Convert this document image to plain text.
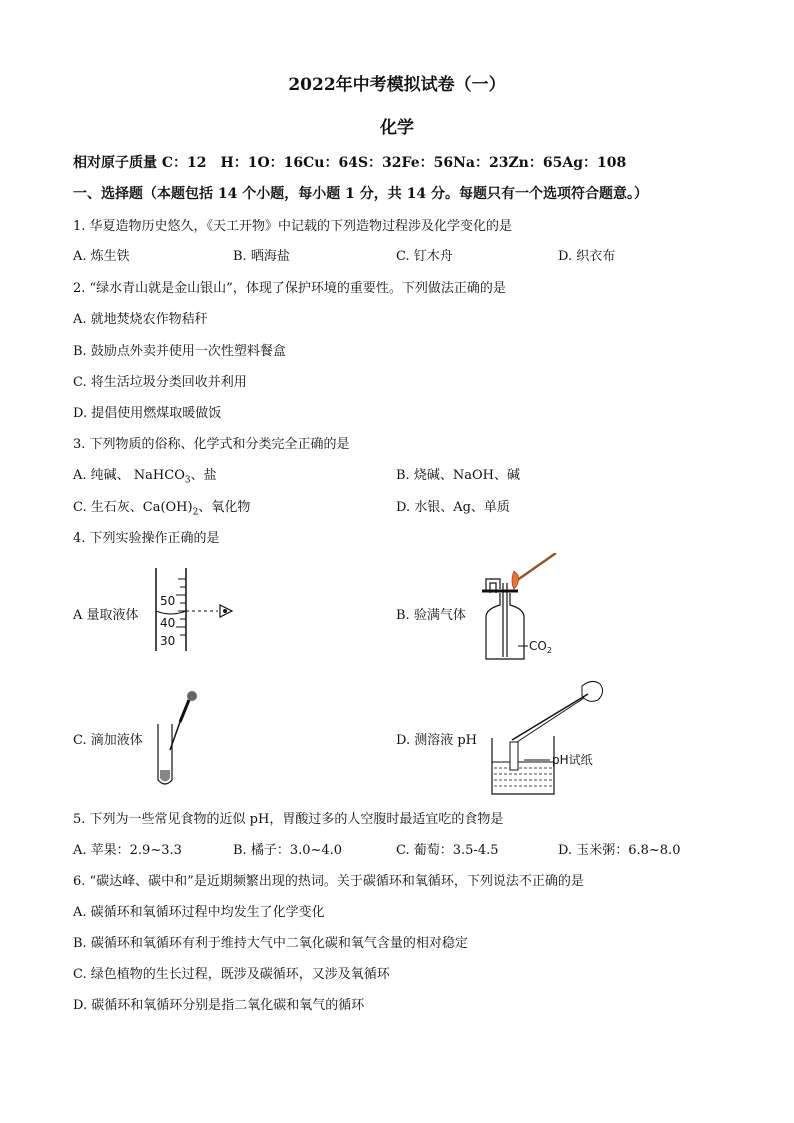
2022年中考模拟试卷（一）
化学
相对原子质量 C：12　H：1O：16Cu：64S：32Fe：56Na：23Zn：65Ag：108
一、选择题（本题包括 14 个小题，每小题 1 分，共 14 分。每题只有一个选项符合题意。）
1. 华夏造物历史悠久，《天工开物》中记载的下列造物过程涉及化学变化的是
A. 炼生铁	B. 晒海盐	C. 钉木舟	D. 织衣布
2. “绿水青山就是金山银山”，体现了保护环境的重要性。下列做法正确的是
A. 就地焚烧农作物秸秆
B. 鼓励点外卖并使用一次性塑料餐盒
C. 将生活垃圾分类回收并利用
D. 提倡使用燃煤取暖做饭
3. 下列物质的俗称、化学式和分类完全正确的是
A. 纯碱、 NaHCO$_3$、盐	B. 烧碱、NaOH、碱
C. 生石灰、$Ca(OH)_2$、氧化物	D. 水银、Ag、单质
4. 下列实验操作正确的是
A 量取液体
50
40
30
B. 验满气体
$CO_2$
C. 滴加液体	D. 测溶液 pH
pH试纸
5. 下列为一些常见食物的近似 pH，胃酸过多的人空腹时最适宜吃的食物是
A. 苹果：2.9~3.3	B. 橘子：3.0~4.0	C. 葡萄：3.5-4.5	D. 玉米粥：6.8~8.0
6. “碳达峰、碳中和”是近期频繁出现的热词。关于碳循环和氧循环，下列说法不正确的是
A. 碳循环和氧循环过程中均发生了化学变化
B. 碳循环和氧循环有利于维持大气中二氧化碳和氧气含量的相对稳定
C. 绿色植物的生长过程，既涉及碳循环，又涉及氧循环
D. 碳循环和氧循环分别是指二氧化碳和氧气的循环
